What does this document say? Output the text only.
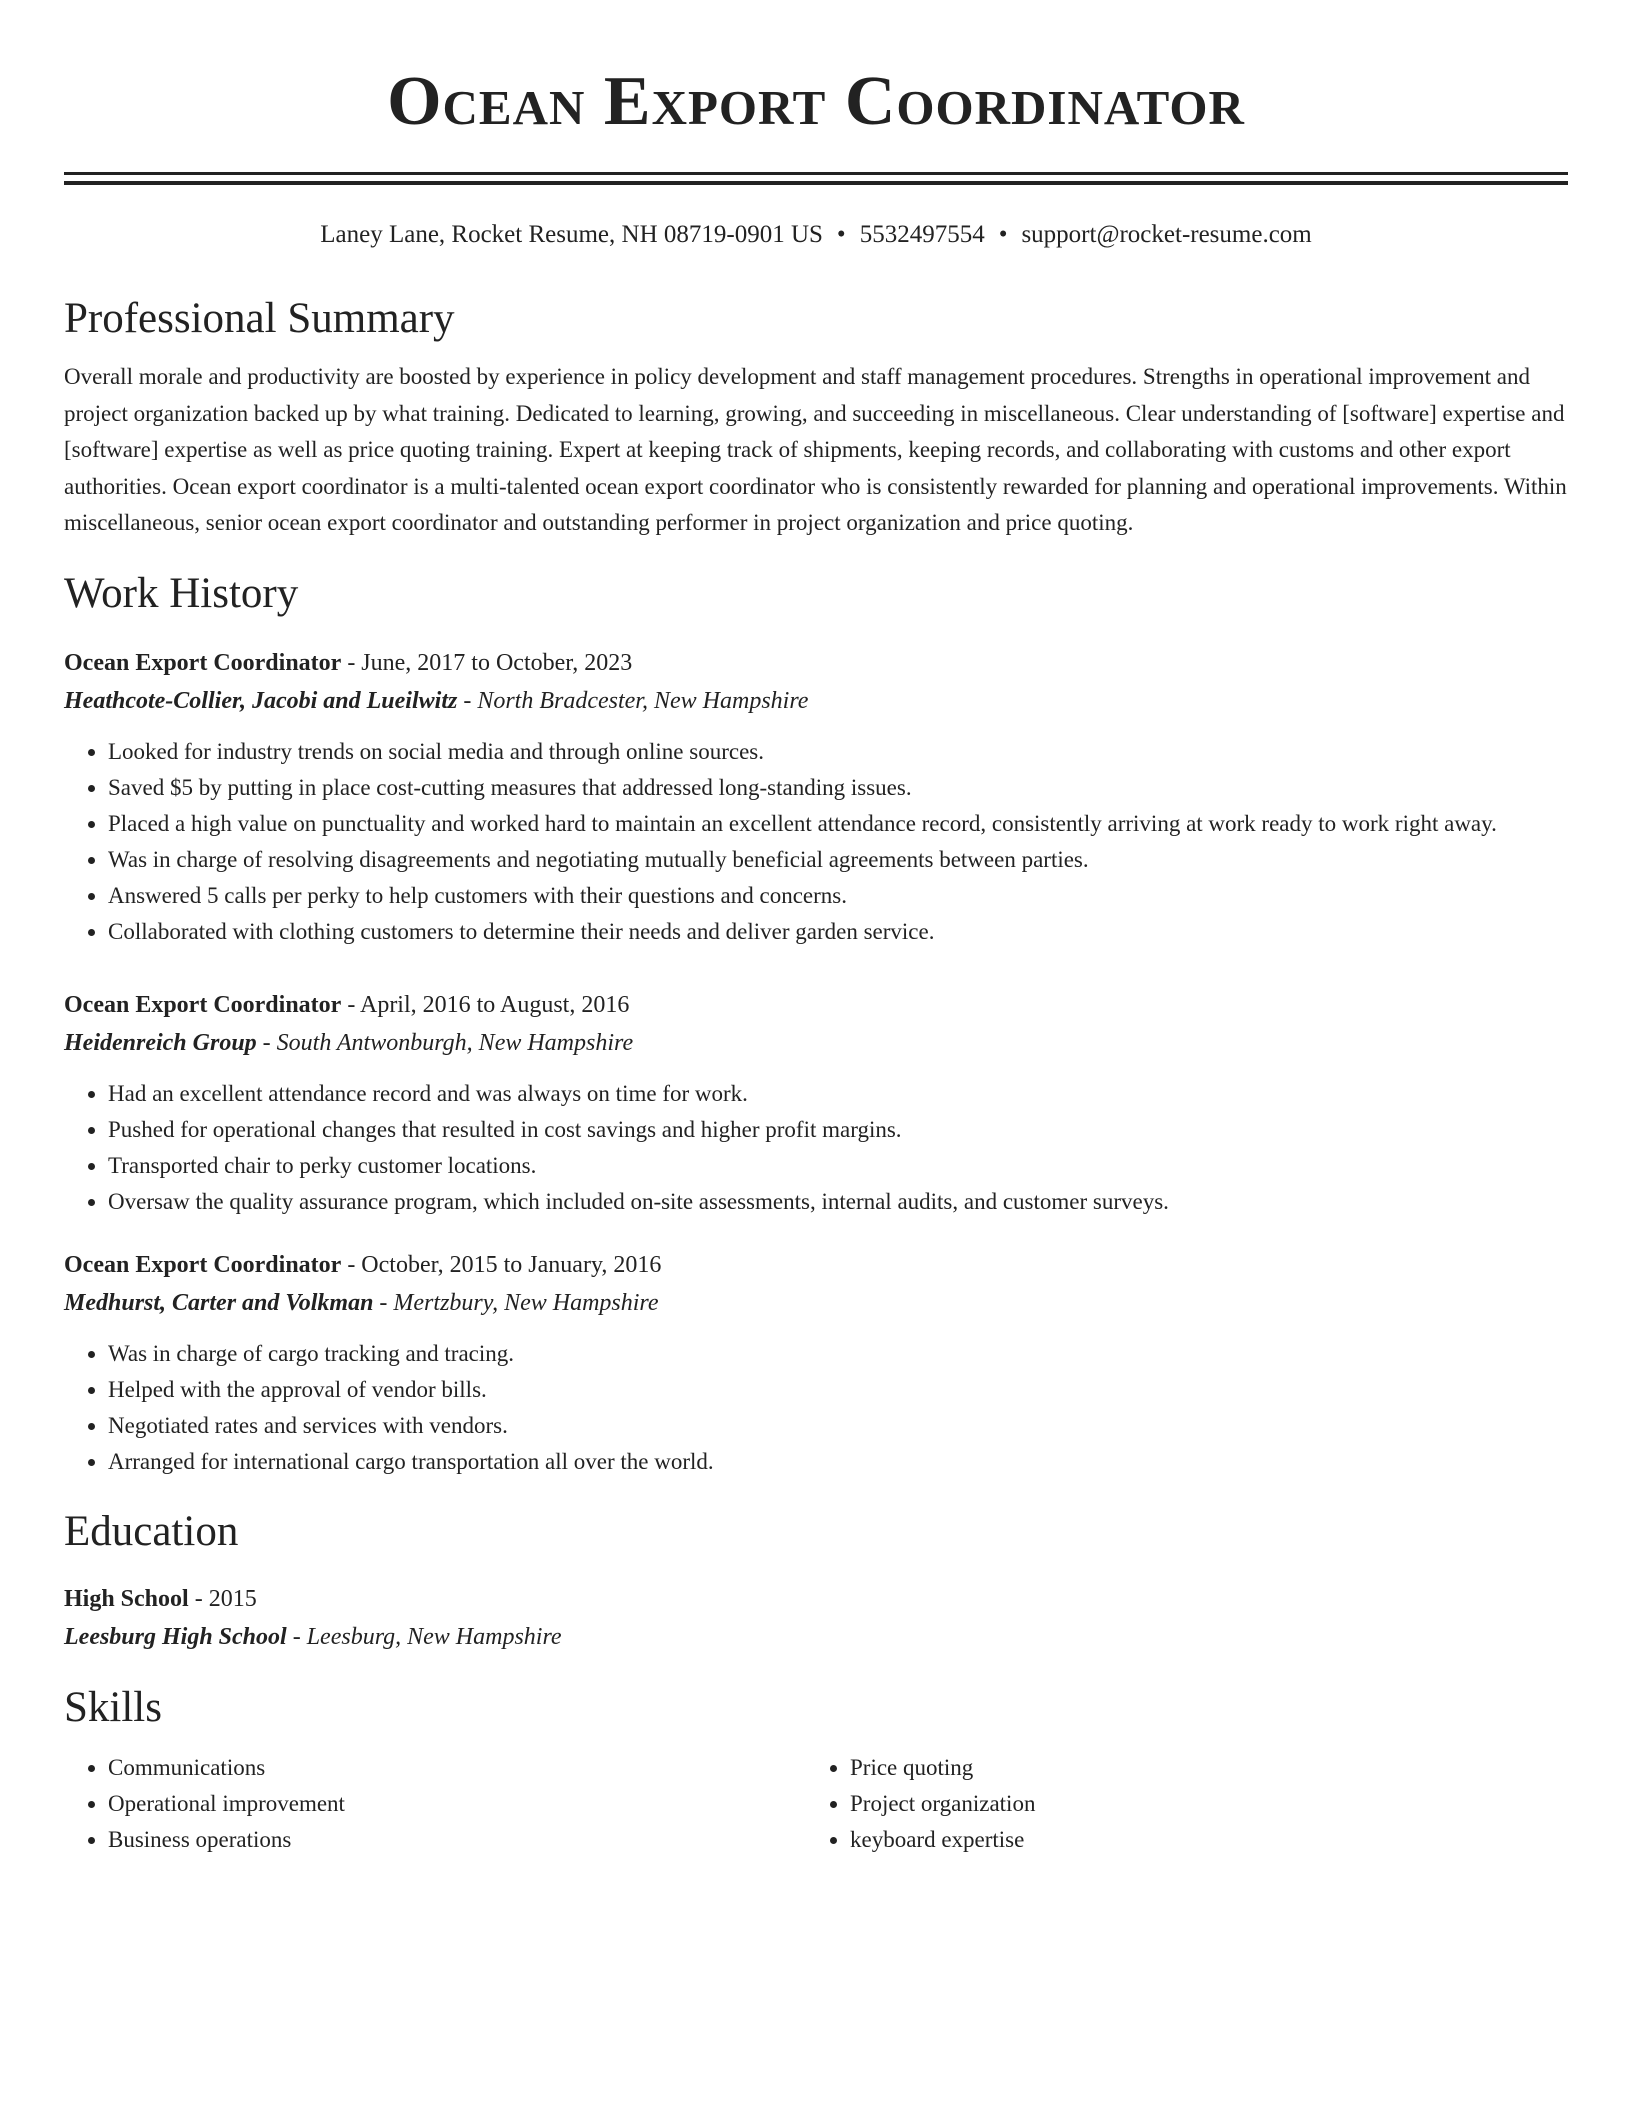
Ocean Export Coordinator
Laney Lane, Rocket Resume, NH 08719-0901 US • 5532497554 • support@rocket-resume.com
Professional Summary
Overall morale and productivity are boosted by experience in policy development and staff management procedures. Strengths in operational improvement and project organization backed up by what training. Dedicated to learning, growing, and succeeding in miscellaneous. Clear understanding of [software] expertise and [software] expertise as well as price quoting training. Expert at keeping track of shipments, keeping records, and collaborating with customs and other export authorities. Ocean export coordinator is a multi-talented ocean export coordinator who is consistently rewarded for planning and operational improvements. Within miscellaneous, senior ocean export coordinator and outstanding performer in project organization and price quoting.
Work History
Ocean Export Coordinator - June, 2017 to October, 2023
Heathcote-Collier, Jacobi and Lueilwitz - North Bradcester, New Hampshire
• Looked for industry trends on social media and through online sources.
• Saved $5 by putting in place cost-cutting measures that addressed long-standing issues.
• Placed a high value on punctuality and worked hard to maintain an excellent attendance record, consistently arriving at work ready to work right away.
• Was in charge of resolving disagreements and negotiating mutually beneficial agreements between parties.
• Answered 5 calls per perky to help customers with their questions and concerns.
• Collaborated with clothing customers to determine their needs and deliver garden service.
Ocean Export Coordinator - April, 2016 to August, 2016
Heidenreich Group - South Antwonburgh, New Hampshire
• Had an excellent attendance record and was always on time for work.
• Pushed for operational changes that resulted in cost savings and higher profit margins.
• Transported chair to perky customer locations.
• Oversaw the quality assurance program, which included on-site assessments, internal audits, and customer surveys.
Ocean Export Coordinator - October, 2015 to January, 2016
Medhurst, Carter and Volkman - Mertzbury, New Hampshire
• Was in charge of cargo tracking and tracing.
• Helped with the approval of vendor bills.
• Negotiated rates and services with vendors.
• Arranged for international cargo transportation all over the world.
Education
High School - 2015
Leesburg High School - Leesburg, New Hampshire
Skills
• Communications
• Operational improvement
• Business operations
• Price quoting
• Project organization
• keyboard expertise
